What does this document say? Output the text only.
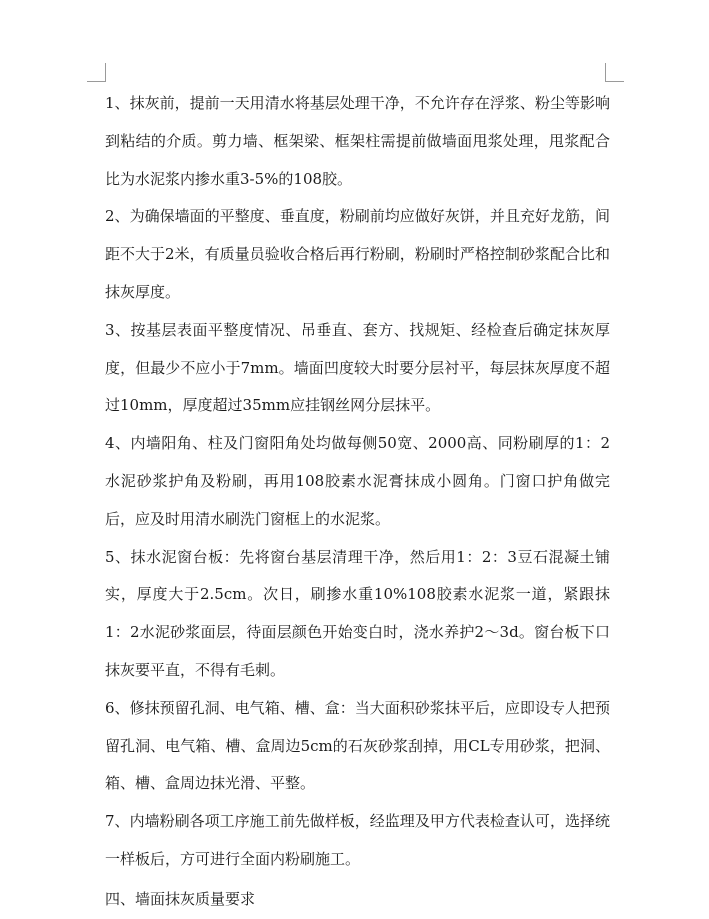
1、抹灰前，提前一天用清水将基层处理干净，不允许存在浮浆、粉尘等影响到粘结的介质。剪力墙、框架梁、框架柱需提前做墙面甩浆处理，甩浆配合比为水泥浆内掺水重3-5%的108胶。

2、为确保墙面的平整度、垂直度，粉刷前均应做好灰饼，并且充好龙筋，间距不大于2米，有质量员验收合格后再行粉刷，粉刷时严格控制砂浆配合比和抹灰厚度。

3、按基层表面平整度情况、吊垂直、套方、找规矩、经检查后确定抹灰厚度，但最少不应小于7mm。墙面凹度较大时要分层衬平，每层抹灰厚度不超过10mm，厚度超过35mm应挂钢丝网分层抹平。

4、内墙阳角、柱及门窗阳角处均做每侧50宽、2000高、同粉刷厚的1：2水泥砂浆护角及粉刷，再用108胶素水泥膏抹成小圆角。门窗口护角做完后，应及时用清水刷洗门窗框上的水泥浆。

5、抹水泥窗台板：先将窗台基层清理干净，然后用1：2：3豆石混凝土铺实，厚度大于2.5cm。次日，刷掺水重10%108胶素水泥浆一道，紧跟抹1：2水泥砂浆面层，待面层颜色开始变白时，浇水养护2～3d。窗台板下口抹灰要平直，不得有毛刺。

6、修抹预留孔洞、电气箱、槽、盒：当大面积砂浆抹平后，应即设专人把预留孔洞、电气箱、槽、盒周边5cm的石灰砂浆刮掉，用CL专用砂浆，把洞、箱、槽、盒周边抹光滑、平整。

7、内墙粉刷各项工序施工前先做样板，经监理及甲方代表检查认可，选择统一样板后，方可进行全面内粉刷施工。

四、墙面抹灰质量要求
